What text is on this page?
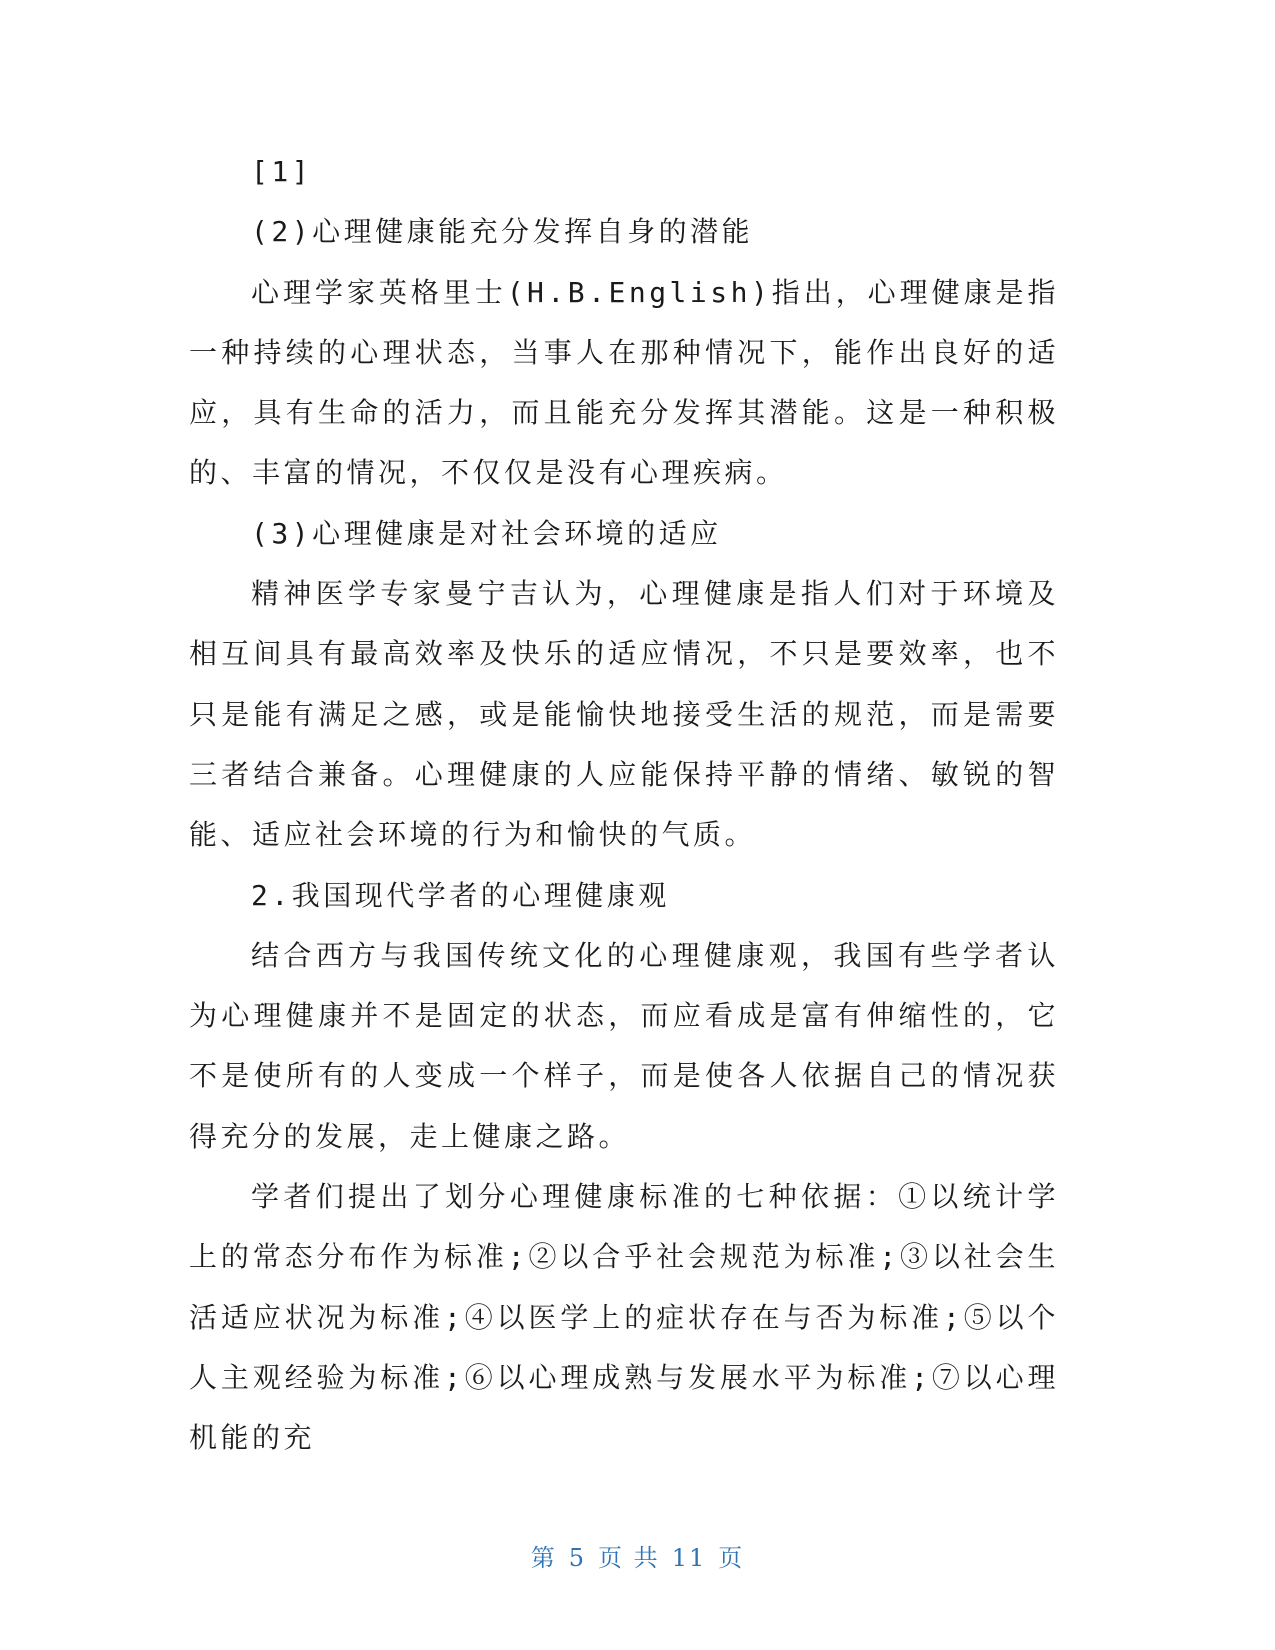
[1]

(2)心理健康能充分发挥自身的潜能

心理学家英格里士(H.B.English)指出，心理健康是指一种持续的心理状态，当事人在那种情况下，能作出良好的适应，具有生命的活力，而且能充分发挥其潜能。这是一种积极的、丰富的情况，不仅仅是没有心理疾病。

(3)心理健康是对社会环境的适应

精神医学专家曼宁吉认为，心理健康是指人们对于环境及相互间具有最高效率及快乐的适应情况，不只是要效率，也不只是能有满足之感，或是能愉快地接受生活的规范，而是需要三者结合兼备。心理健康的人应能保持平静的情绪、敏锐的智能、适应社会环境的行为和愉快的气质。

2.我国现代学者的心理健康观

结合西方与我国传统文化的心理健康观，我国有些学者认为心理健康并不是固定的状态，而应看成是富有伸缩性的，它不是使所有的人变成一个样子，而是使各人依据自己的情况获得充分的发展，走上健康之路。

学者们提出了划分心理健康标准的七种依据：①以统计学上的常态分布作为标准;②以合乎社会规范为标准;③以社会生活适应状况为标准;④以医学上的症状存在与否为标准;⑤以个人主观经验为标准;⑥以心理成熟与发展水平为标准;⑦以心理机能的充

第 5 页 共 11 页
